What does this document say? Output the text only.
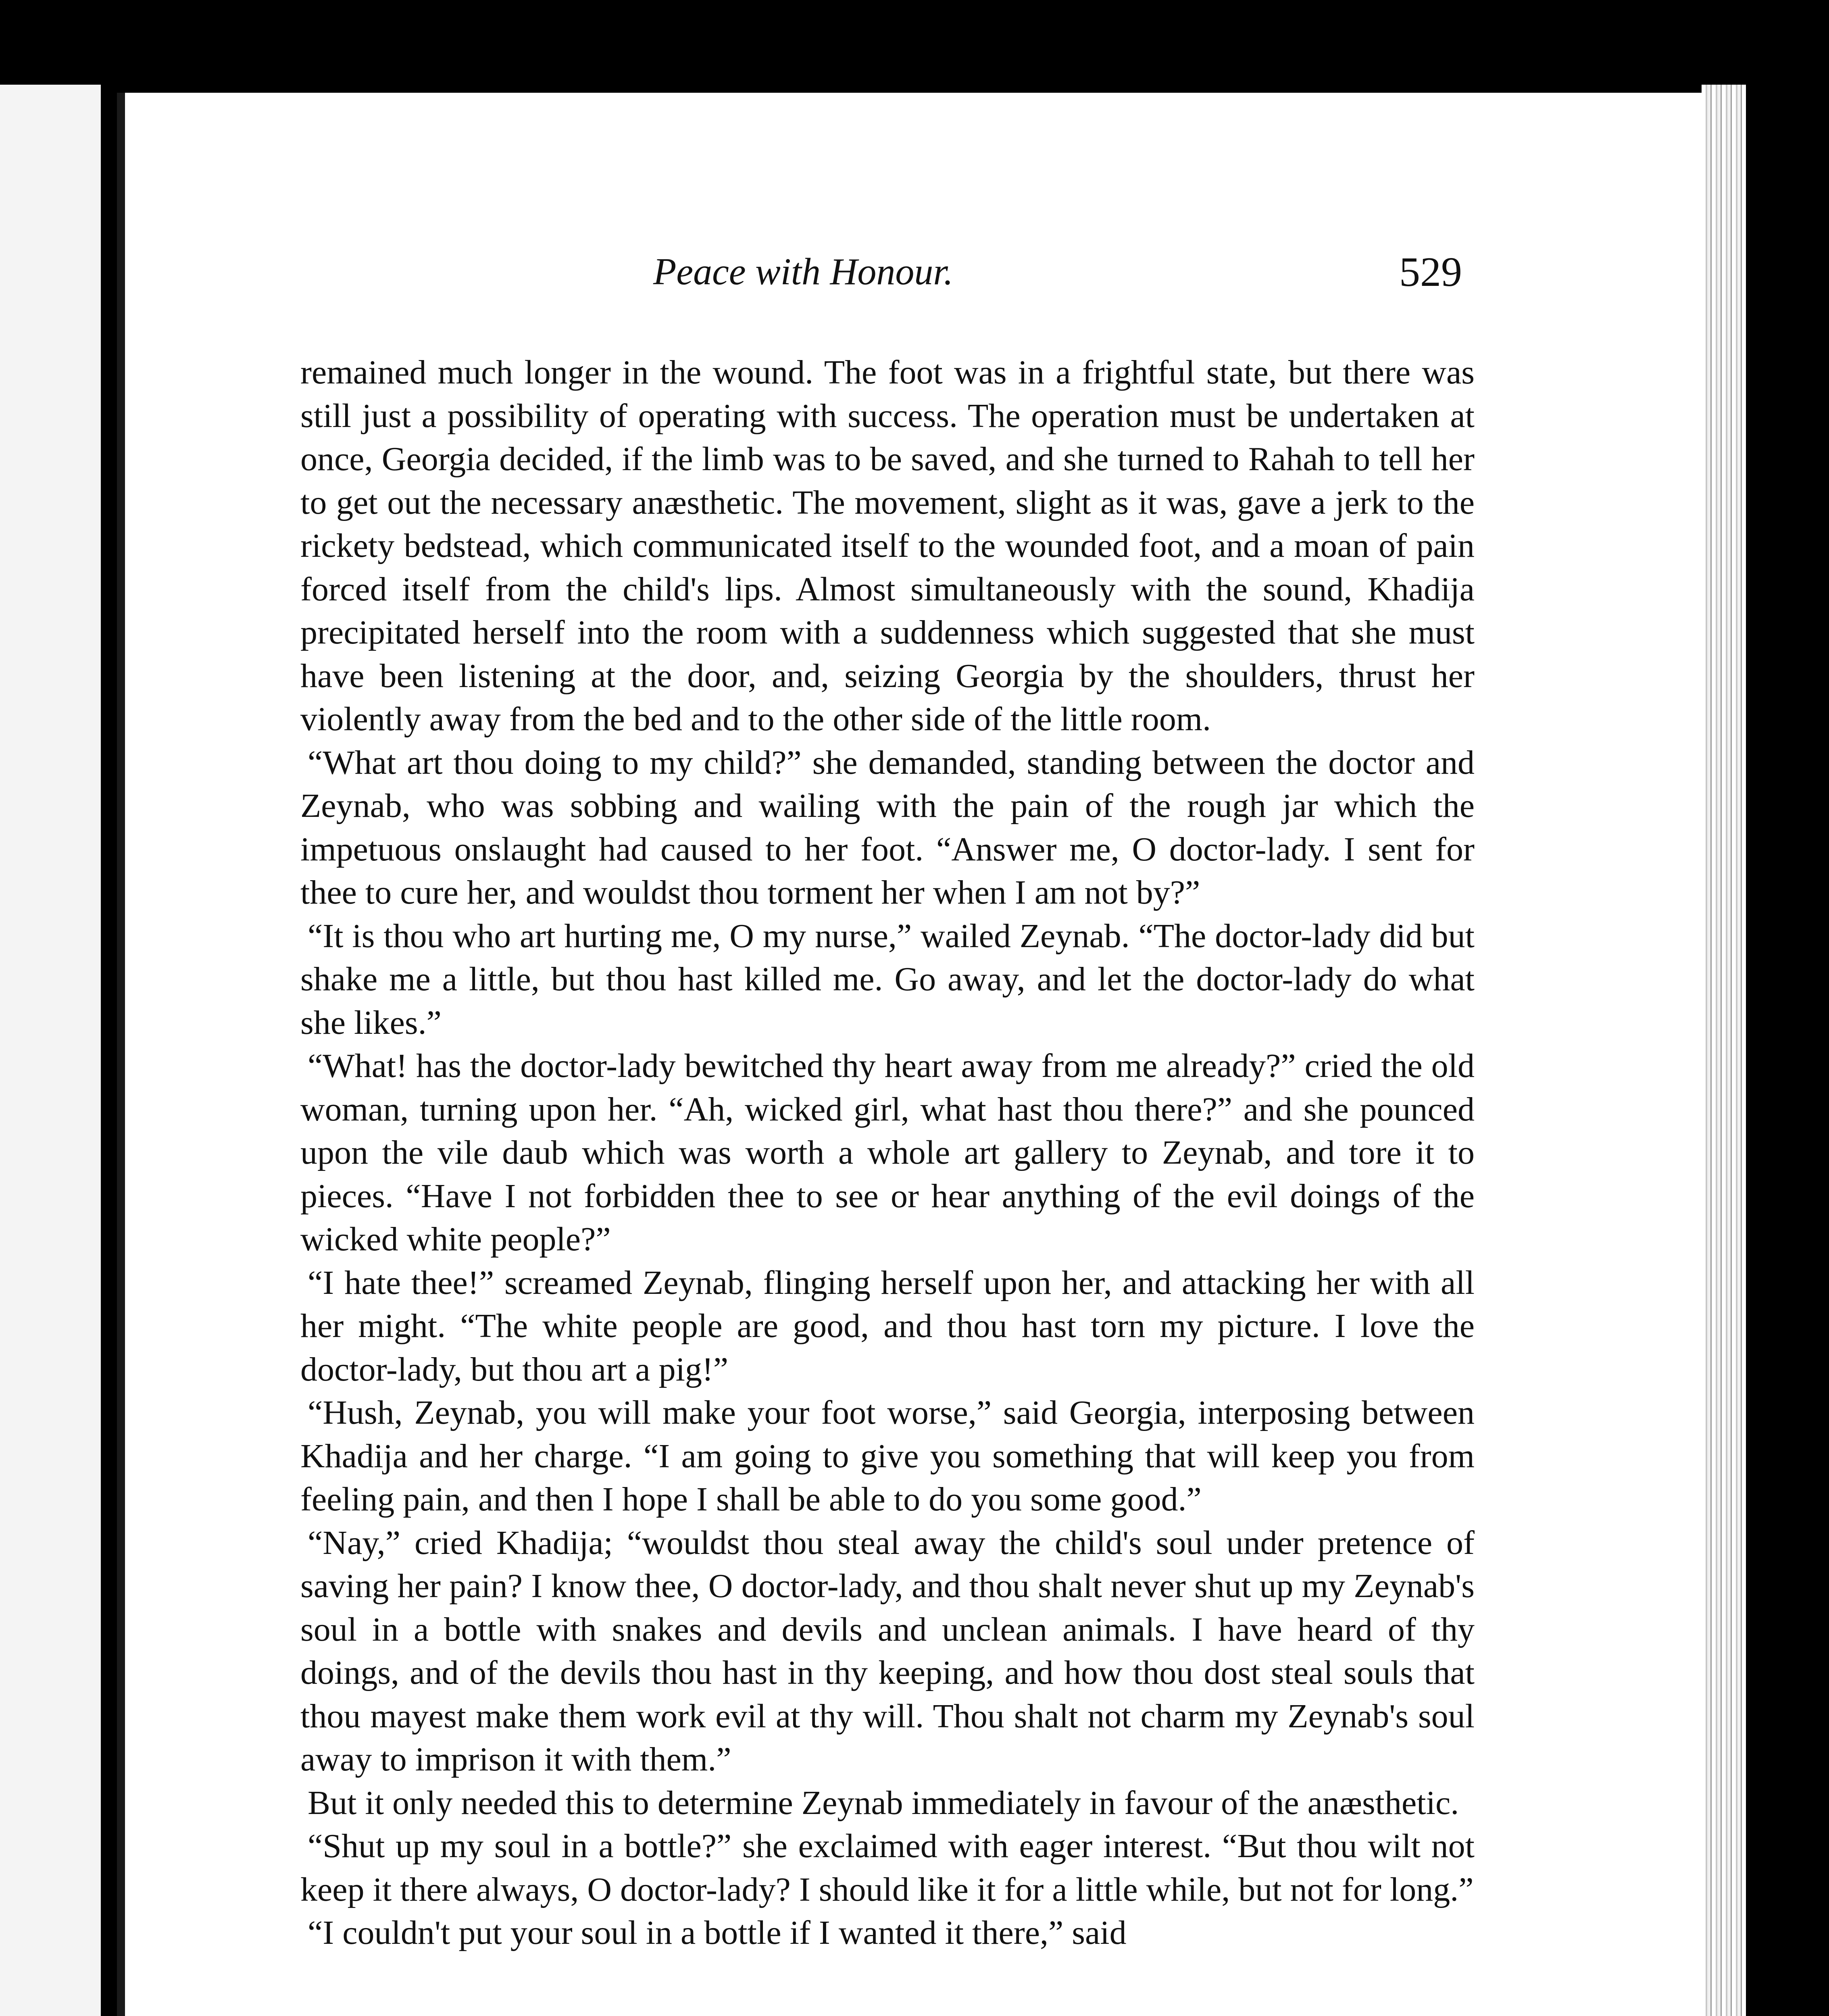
Peace with Honour.	529

remained much longer in the wound. The foot was in a frightful state, but there was still just a possibility of operating with success. The operation must be undertaken at once, Georgia decided, if the limb was to be saved, and she turned to Rahah to tell her to get out the necessary anæsthetic. The movement, slight as it was, gave a jerk to the rickety bedstead, which communicated itself to the wounded foot, and a moan of pain forced itself from the child's lips. Almost simultaneously with the sound, Khadija precipitated herself into the room with a suddenness which suggested that she must have been listening at the door, and, seizing Georgia by the shoulders, thrust her violently away from the bed and to the other side of the little room.

“What art thou doing to my child?” she demanded, standing between the doctor and Zeynab, who was sobbing and wailing with the pain of the rough jar which the impetuous onslaught had caused to her foot. “Answer me, O doctor-lady. I sent for thee to cure her, and wouldst thou torment her when I am not by?”

“It is thou who art hurting me, O my nurse,” wailed Zeynab. “The doctor-lady did but shake me a little, but thou hast killed me. Go away, and let the doctor-lady do what she likes.”

“What! has the doctor-lady bewitched thy heart away from me already?” cried the old woman, turning upon her. “Ah, wicked girl, what hast thou there?” and she pounced upon the vile daub which was worth a whole art gallery to Zeynab, and tore it to pieces. “Have I not forbidden thee to see or hear anything of the evil doings of the wicked white people?”

“I hate thee!” screamed Zeynab, flinging herself upon her, and attacking her with all her might. “The white people are good, and thou hast torn my picture. I love the doctor-lady, but thou art a pig!”

“Hush, Zeynab, you will make your foot worse,” said Georgia, interposing between Khadija and her charge. “I am going to give you something that will keep you from feeling pain, and then I hope I shall be able to do you some good.”

“Nay,” cried Khadija; “wouldst thou steal away the child's soul under pretence of saving her pain? I know thee, O doctor-lady, and thou shalt never shut up my Zeynab's soul in a bottle with snakes and devils and unclean animals. I have heard of thy doings, and of the devils thou hast in thy keeping, and how thou dost steal souls that thou mayest make them work evil at thy will. Thou shalt not charm my Zeynab's soul away to imprison it with them.”

But it only needed this to determine Zeynab immediately in favour of the anæsthetic.

“Shut up my soul in a bottle?” she exclaimed with eager interest. “But thou wilt not keep it there always, O doctor-lady? I should like it for a little while, but not for long.”

“I couldn't put your soul in a bottle if I wanted it there,” said
